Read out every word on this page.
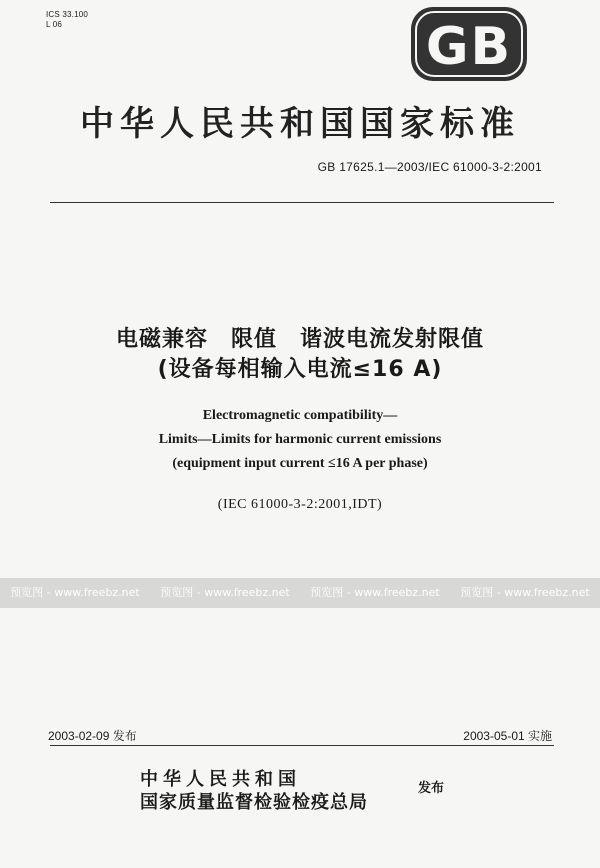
ICS 33.100
L 06	GB
中华人民共和国国家标准
GB 17625.1—2003/IEC 61000-3-2:2001
电磁兼容　限值　谐波电流发射限值
(设备每相输入电流≤16 A)
Electromagnetic compatibility—
Limits—Limits for harmonic current emissions
(equipment input current ≤16 A per phase)
(IEC 61000-3-2:2001,IDT)
预览图 - www.freebz.net 预览图 - www.freebz.net 预览图 - www.freebz.net 预览图 - www.freebz.net
2003-02-09 发布	2003-05-01 实施
中华人民共和国
国家质量监督检验检疫总局
发布
